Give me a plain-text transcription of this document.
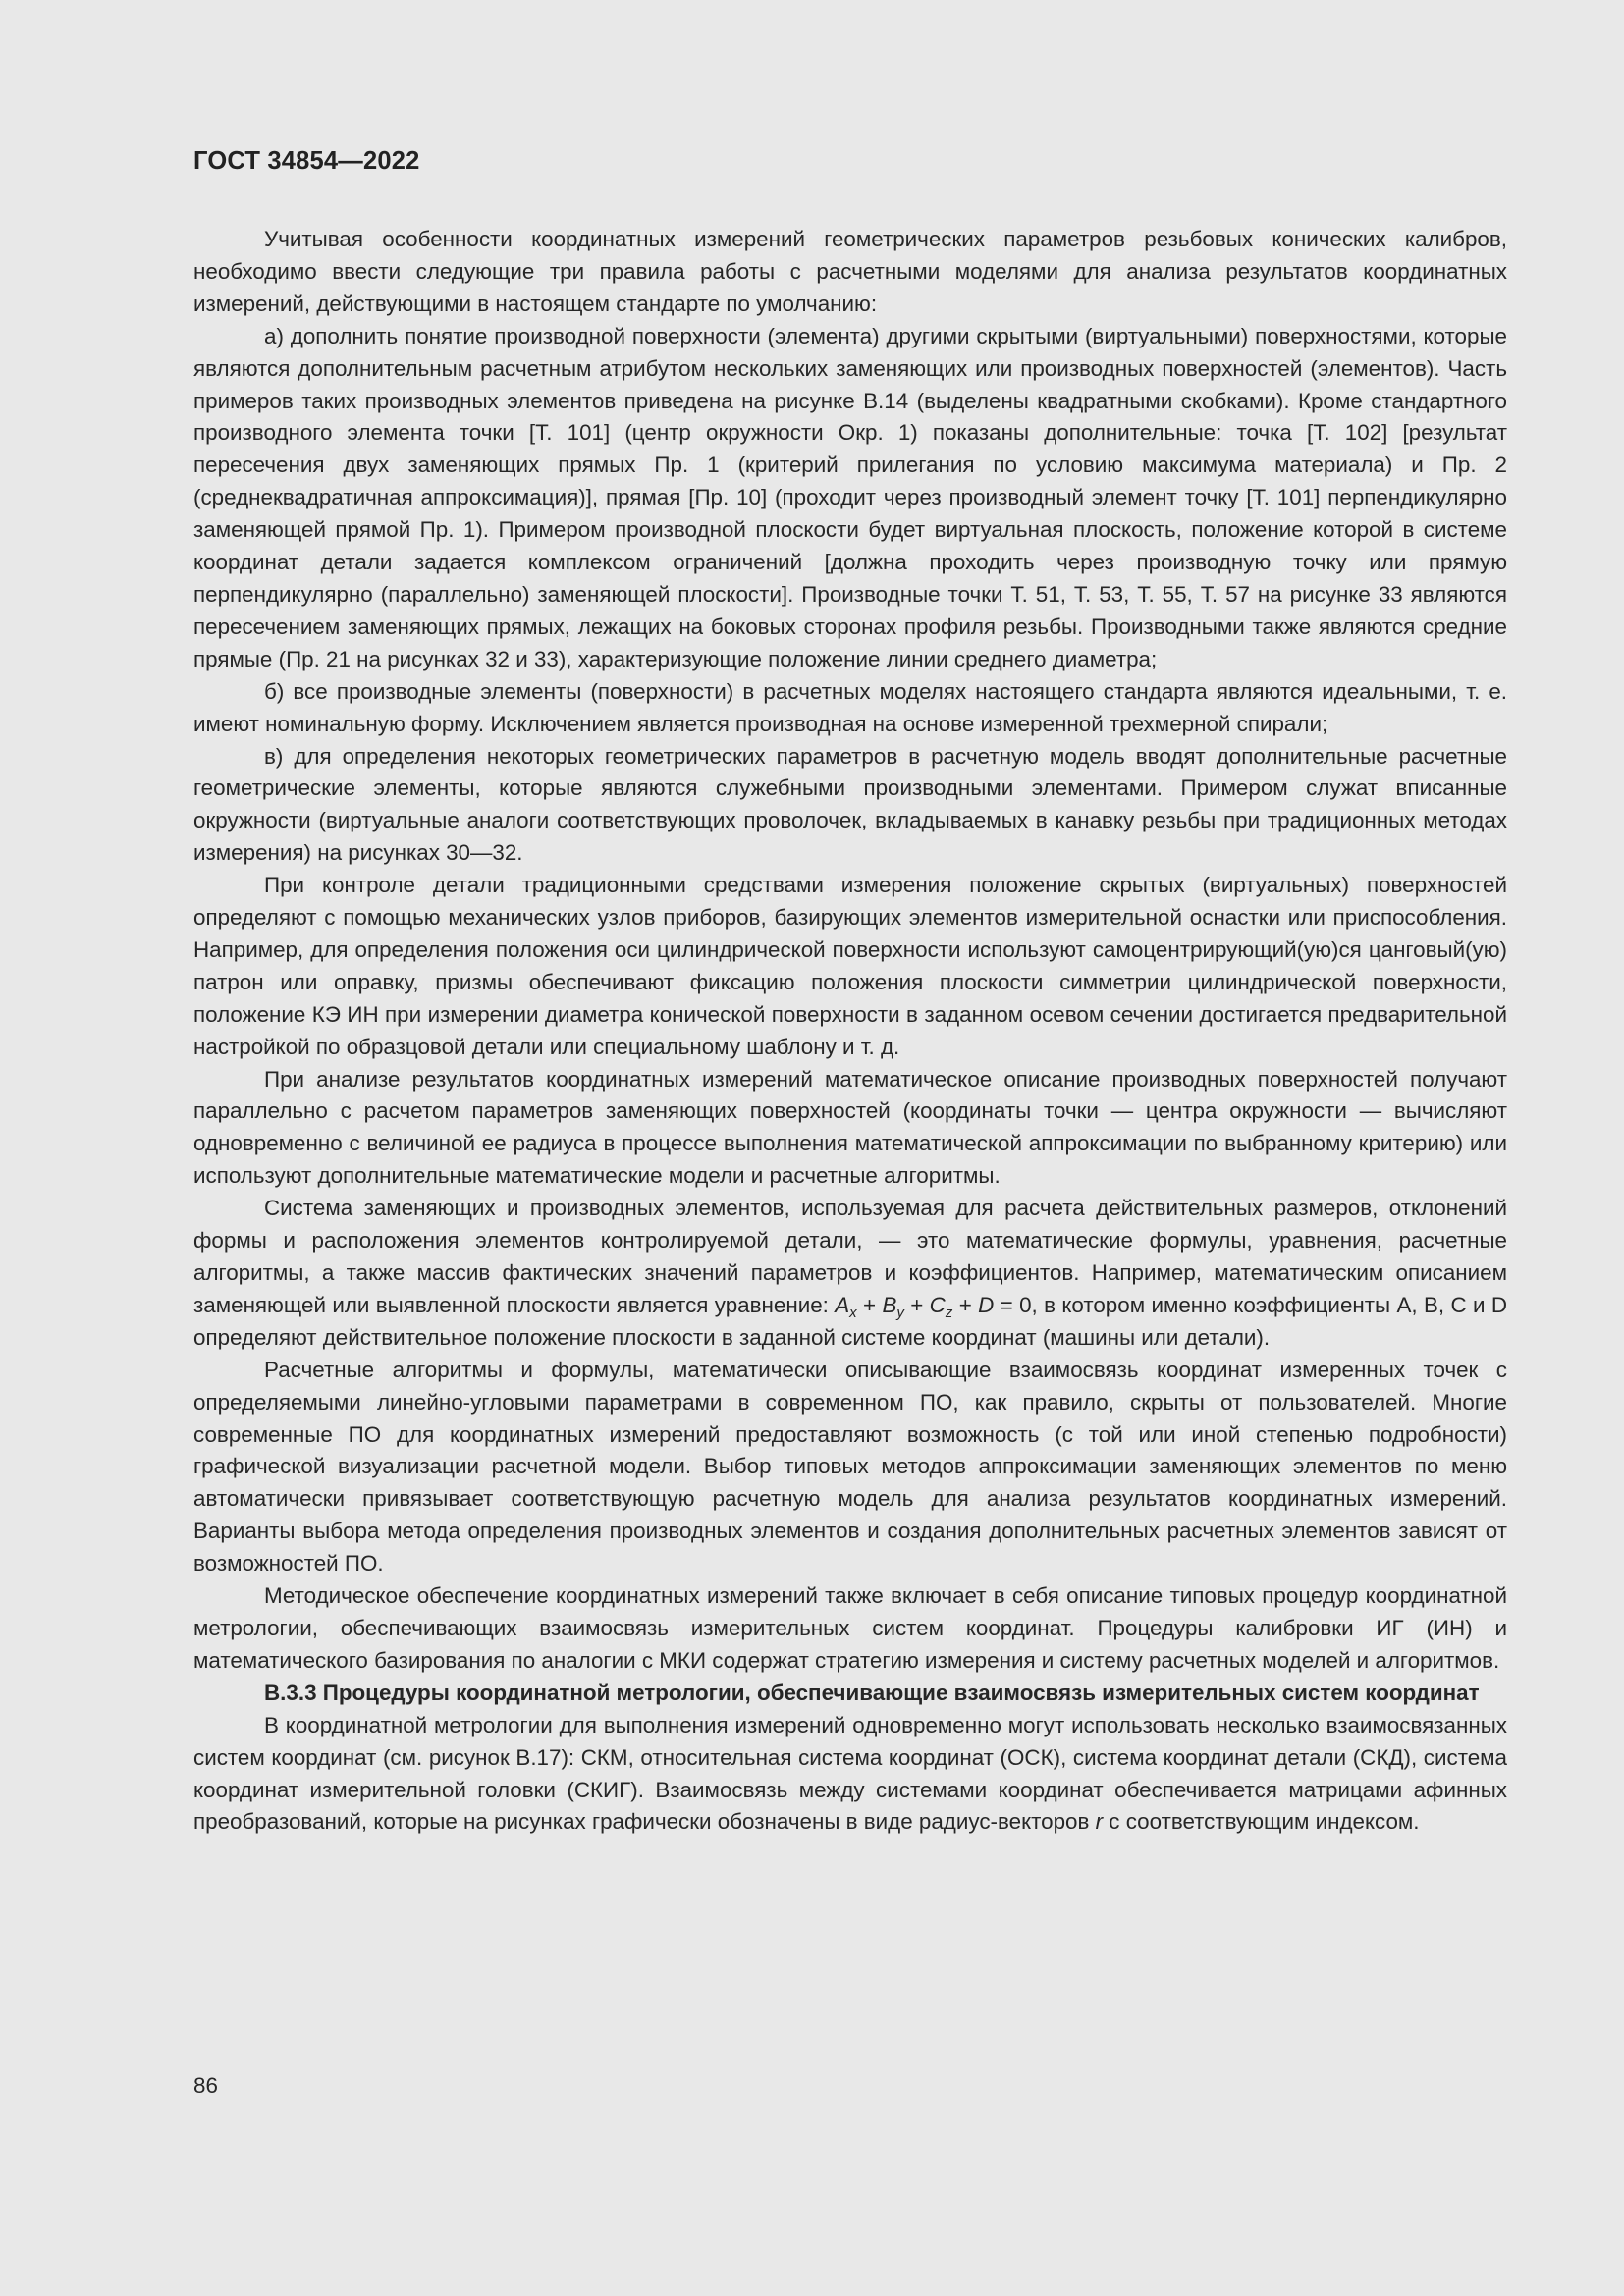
ГОСТ 34854—2022

Учитывая особенности координатных измерений геометрических параметров резьбовых конических калибров, необходимо ввести следующие три правила работы с расчетными моделями для анализа результатов координатных измерений, действующими в настоящем стандарте по умолчанию:

а) дополнить понятие производной поверхности (элемента) другими скрытыми (виртуальными) поверхностями, которые являются дополнительным расчетным атрибутом нескольких заменяющих или производных поверхностей (элементов). Часть примеров таких производных элементов приведена на рисунке В.14 (выделены квадратными скобками). Кроме стандартного производного элемента точки [Т. 101] (центр окружности Окр. 1) показаны дополнительные: точка [Т. 102] [результат пересечения двух заменяющих прямых Пр. 1 (критерий прилегания по условию максимума материала) и Пр. 2 (среднеквадратичная аппроксимация)], прямая [Пр. 10] (проходит через производный элемент точку [Т. 101] перпендикулярно заменяющей прямой Пр. 1). Примером производной плоскости будет виртуальная плоскость, положение которой в системе координат детали задается комплексом ограничений [должна проходить через производную точку или прямую перпендикулярно (параллельно) заменяющей плоскости]. Производные точки Т. 51, Т. 53, Т. 55, Т. 57 на рисунке 33 являются пересечением заменяющих прямых, лежащих на боковых сторонах профиля резьбы. Производными также являются средние прямые (Пр. 21 на рисунках 32 и 33), характеризующие положение линии среднего диаметра;

б) все производные элементы (поверхности) в расчетных моделях настоящего стандарта являются идеальными, т. е. имеют номинальную форму. Исключением является производная на основе измеренной трехмерной спирали;

в) для определения некоторых геометрических параметров в расчетную модель вводят дополнительные расчетные геометрические элементы, которые являются служебными производными элементами. Примером служат вписанные окружности (виртуальные аналоги соответствующих проволочек, вкладываемых в канавку резьбы при традиционных методах измерения) на рисунках 30—32.

При контроле детали традиционными средствами измерения положение скрытых (виртуальных) поверхностей определяют с помощью механических узлов приборов, базирующих элементов измерительной оснастки или приспособления. Например, для определения положения оси цилиндрической поверхности используют самоцентрирующий(ую)ся цанговый(ую) патрон или оправку, призмы обеспечивают фиксацию положения плоскости симметрии цилиндрической поверхности, положение КЭ ИН при измерении диаметра конической поверхности в заданном осевом сечении достигается предварительной настройкой по образцовой детали или специальному шаблону и т. д.

При анализе результатов координатных измерений математическое описание производных поверхностей получают параллельно с расчетом параметров заменяющих поверхностей (координаты точки — центра окружности — вычисляют одновременно с величиной ее радиуса в процессе выполнения математической аппроксимации по выбранному критерию) или используют дополнительные математические модели и расчетные алгоритмы.

Система заменяющих и производных элементов, используемая для расчета действительных размеров, отклонений формы и расположения элементов контролируемой детали, — это математические формулы, уравнения, расчетные алгоритмы, а также массив фактических значений параметров и коэффициентов. Например, математическим описанием заменяющей или выявленной плоскости является уравнение: $A_x + B_y + C_z + D = 0$, в котором именно коэффициенты A, B, C и D определяют действительное положение плоскости в заданной системе координат (машины или детали).

Расчетные алгоритмы и формулы, математически описывающие взаимосвязь координат измеренных точек с определяемыми линейно-угловыми параметрами в современном ПО, как правило, скрыты от пользователей. Многие современные ПО для координатных измерений предоставляют возможность (с той или иной степенью подробности) графической визуализации расчетной модели. Выбор типовых методов аппроксимации заменяющих элементов по меню автоматически привязывает соответствующую расчетную модель для анализа результатов координатных измерений. Варианты выбора метода определения производных элементов и создания дополнительных расчетных элементов зависят от возможностей ПО.

Методическое обеспечение координатных измерений также включает в себя описание типовых процедур координатной метрологии, обеспечивающих взаимосвязь измерительных систем координат. Процедуры калибровки ИГ (ИН) и математического базирования по аналогии с МКИ содержат стратегию измерения и систему расчетных моделей и алгоритмов.

В.3.3 Процедуры координатной метрологии, обеспечивающие взаимосвязь измерительных систем координат

В координатной метрологии для выполнения измерений одновременно могут использовать несколько взаимосвязанных систем координат (см. рисунок В.17): СКМ, относительная система координат (ОСК), система координат детали (СКД), система координат измерительной головки (СКИГ). Взаимосвязь между системами координат обеспечивается матрицами афинных преобразований, которые на рисунках графически обозначены в виде радиус-векторов r с соответствующим индексом.

86
